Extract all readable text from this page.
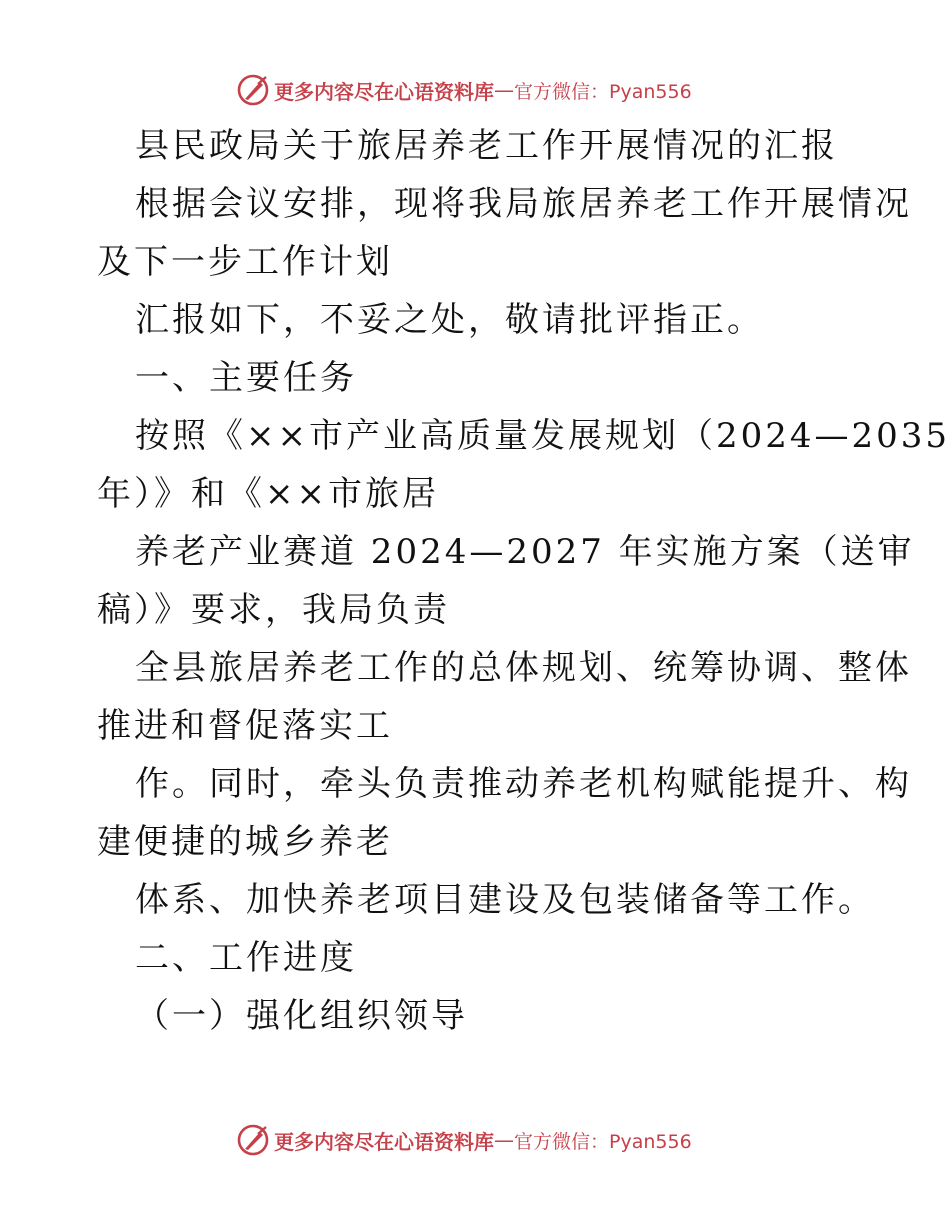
更多内容尽在心语资料库 — 官方微信：Pyan556
县民政局关于旅居养老工作开展情况的汇报
根据会议安排，现将我局旅居养老工作开展情况
及下一步工作计划
汇报如下，不妥之处，敬请批评指正。
一、主要任务
按照《××市产业高质量发展规划（2024—2035
年）》和《××市旅居
养老产业赛道 2024—2027 年实施方案（送审
稿）》要求，我局负责
全县旅居养老工作的总体规划、统筹协调、整体
推进和督促落实工
作。同时，牵头负责推动养老机构赋能提升、构
建便捷的城乡养老
体系、加快养老项目建设及包装储备等工作。
二、工作进度
（一）强化组织领导
更多内容尽在心语资料库 — 官方微信：Pyan556
